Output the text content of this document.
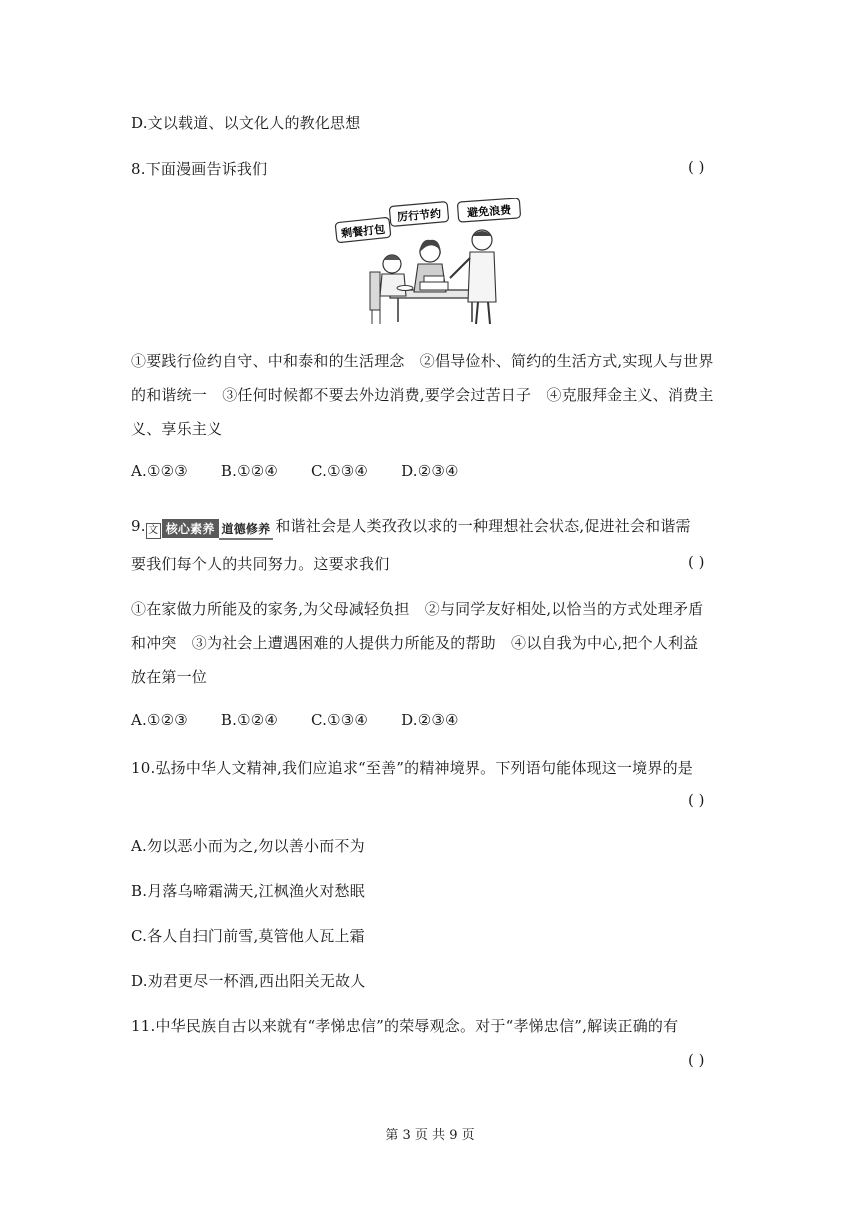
D.文以载道、以文化人的教化思想
8.下面漫画告诉我们	( )
剩餐打包
厉行节约 避免浪费
①要践行俭约自守、中和泰和的生活理念　②倡导俭朴、简约的生活方式,实现人与世界
的和谐统一　③任何时候都不要去外边消费,要学会过苦日子　④克服拜金主义、消费主
义、享乐主义
A.①②③ B.①②④ C.①③④ D.②③④
9. 文 核心素养 道德修养 和谐社会是人类孜孜以求的一种理想社会状态,促进社会和谐需
要我们每个人的共同努力。这要求我们	( )
①在家做力所能及的家务,为父母减轻负担　②与同学友好相处,以恰当的方式处理矛盾
和冲突　③为社会上遭遇困难的人提供力所能及的帮助　④以自我为中心,把个人利益
放在第一位
A.①②③ B.①②④ C.①③④ D.②③④
10.弘扬中华人文精神,我们应追求“至善”的精神境界。下列语句能体现这一境界的是
( )
A.勿以恶小而为之,勿以善小而不为
B.月落乌啼霜满天,江枫渔火对愁眠
C.各人自扫门前雪,莫管他人瓦上霜
D.劝君更尽一杯酒,西出阳关无故人
11.中华民族自古以来就有“孝悌忠信”的荣辱观念。对于“孝悌忠信”,解读正确的有
( )
第 3 页 共 9 页
